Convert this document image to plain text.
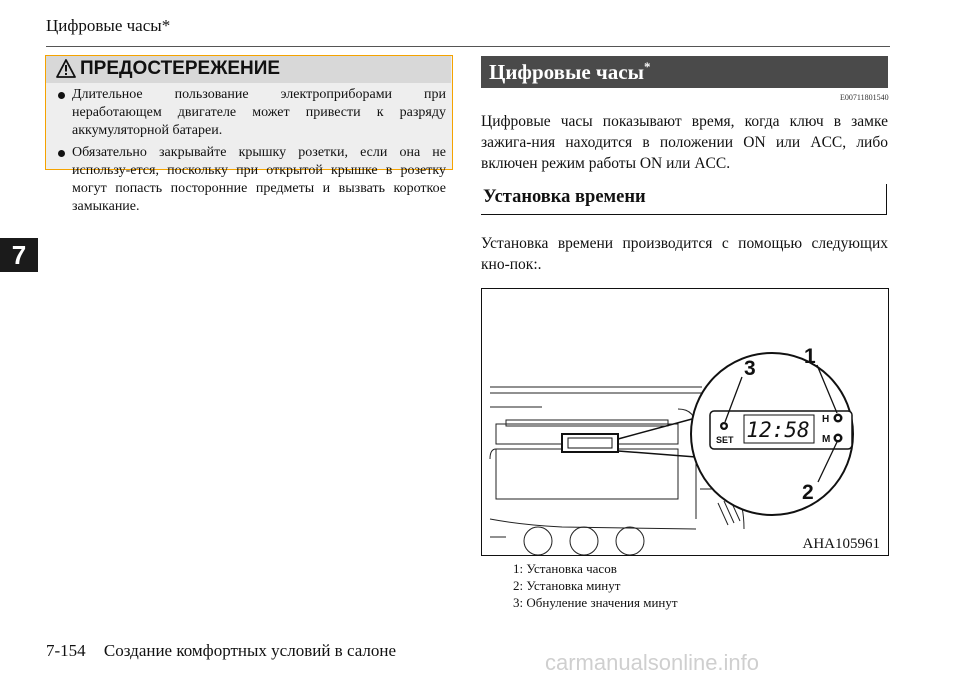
Цифровые часы*
7
ПРЕДОСТЕРЕЖЕНИЕ
Длительное пользование электроприборами при неработающем двигателе может привести к разряду аккумуляторной батареи.
Обязательно закрывайте крышку розетки, если она не использу-ется, поскольку при открытой крышке в розетку могут попасть посторонние предметы и вызвать короткое замыкание.
Цифровые часы*
E00711801540
Цифровые часы показывают время, когда ключ в замке зажига-ния находится в положении ON или ACC, либо включен режим работы ON или ACC.
Установка времени
Установка времени производится с помощью следующих кно-пок:.
12:58
SET
H
M
3
1
2
AHA105961
1: Установка часов
2: Установка минут
3: Обнуление значения минут
7-154 Создание комфортных условий в салоне	carmanualsonline.info
